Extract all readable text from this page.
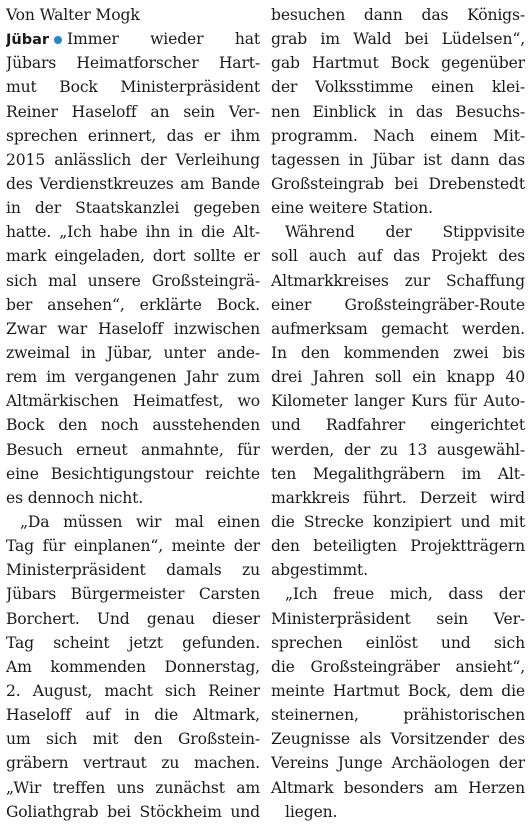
Von Walter Mogk
Jübar Immer wieder hat
Jübars Heimatforscher Hart-
mut Bock Ministerpräsident
Reiner Haseloff an sein Ver-
sprechen erinnert, das er ihm
2015 anlässlich der Verleihung
des Verdienstkreuzes am Bande
in der Staatskanzlei gegeben
hatte. „Ich habe ihn in die Alt-
mark eingeladen, dort sollte er
sich mal unsere Großsteingrä-
ber ansehen“, erklärte Bock.
Zwar war Haseloff inzwischen
zweimal in Jübar, unter ande-
rem im vergangenen Jahr zum
Altmärkischen Heimatfest, wo
Bock den noch ausstehenden
Besuch erneut anmahnte, für
eine Besichtigungstour reichte
es dennoch nicht.
„Da müssen wir mal einen
Tag für einplanen“, meinte der
Ministerpräsident damals zu
Jübars Bürgermeister Carsten
Borchert. Und genau dieser
Tag scheint jetzt gefunden.
Am kommenden Donnerstag,
2. August, macht sich Reiner
Haseloff auf in die Altmark,
um sich mit den Großstein-
gräbern vertraut zu machen.
„Wir treffen uns zunächst am
Goliathgrab bei Stöckheim und
besuchen dann das Königs-
grab im Wald bei Lüdelsen“,
gab Hartmut Bock gegenüber
der Volksstimme einen klei-
nen Einblick in das Besuchs-
programm. Nach einem Mit-
tagessen in Jübar ist dann das
Großsteingrab bei Drebenstedt
eine weitere Station.
Während der Stippvisite
soll auch auf das Projekt des
Altmarkkreises zur Schaffung
einer Großsteingräber-Route
aufmerksam gemacht werden.
In den kommenden zwei bis
drei Jahren soll ein knapp 40
Kilometer langer Kurs für Auto-
und Radfahrer eingerichtet
werden, der zu 13 ausgewähl-
ten Megalithgräbern im Alt-
markkreis führt. Derzeit wird
die Strecke konzipiert und mit
den beteiligten Projektträgern
abgestimmt.
„Ich freue mich, dass der
Ministerpräsident sein Ver-
sprechen einlöst und sich
die Großsteingräber ansieht“,
meinte Hartmut Bock, dem die
steinernen, prähistorischen
Zeugnisse als Vorsitzender des
Vereins Junge Archäologen der
Altmark besonders am Herzen
liegen.
